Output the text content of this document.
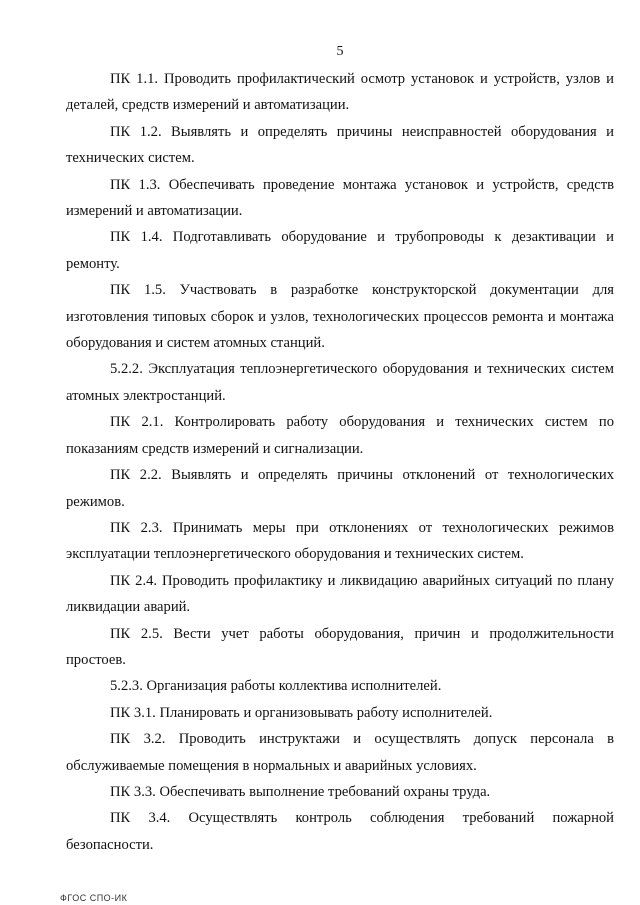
5

ПК 1.1. Проводить профилактический осмотр установок и устройств, узлов и деталей, средств измерений и автоматизации.

ПК 1.2. Выявлять и определять причины неисправностей оборудования и технических систем.

ПК 1.3. Обеспечивать проведение монтажа установок и устройств, средств измерений и автоматизации.

ПК 1.4. Подготавливать оборудование и трубопроводы к дезактивации и ремонту.

ПК 1.5. Участвовать в разработке конструкторской документации для изготовления типовых сборок и узлов, технологических процессов ремонта и монтажа оборудования и систем атомных станций.

5.2.2. Эксплуатация теплоэнергетического оборудования и технических систем атомных электростанций.

ПК 2.1. Контролировать работу оборудования и технических систем по показаниям средств измерений и сигнализации.

ПК 2.2. Выявлять и определять причины отклонений от технологических режимов.

ПК 2.3. Принимать меры при отклонениях от технологических режимов эксплуатации теплоэнергетического оборудования и технических систем.

ПК 2.4. Проводить профилактику и ликвидацию аварийных ситуаций по плану ликвидации аварий.

ПК 2.5. Вести учет работы оборудования, причин и продолжительности простоев.

5.2.3. Организация работы коллектива исполнителей.

ПК 3.1. Планировать и организовывать работу исполнителей.

ПК 3.2. Проводить инструктажи и осуществлять допуск персонала в обслуживаемые помещения в нормальных и аварийных условиях.

ПК 3.3. Обеспечивать выполнение требований охраны труда.

ПК 3.4. Осуществлять контроль соблюдения требований пожарной безопасности.

ФГОС СПО-ИК
